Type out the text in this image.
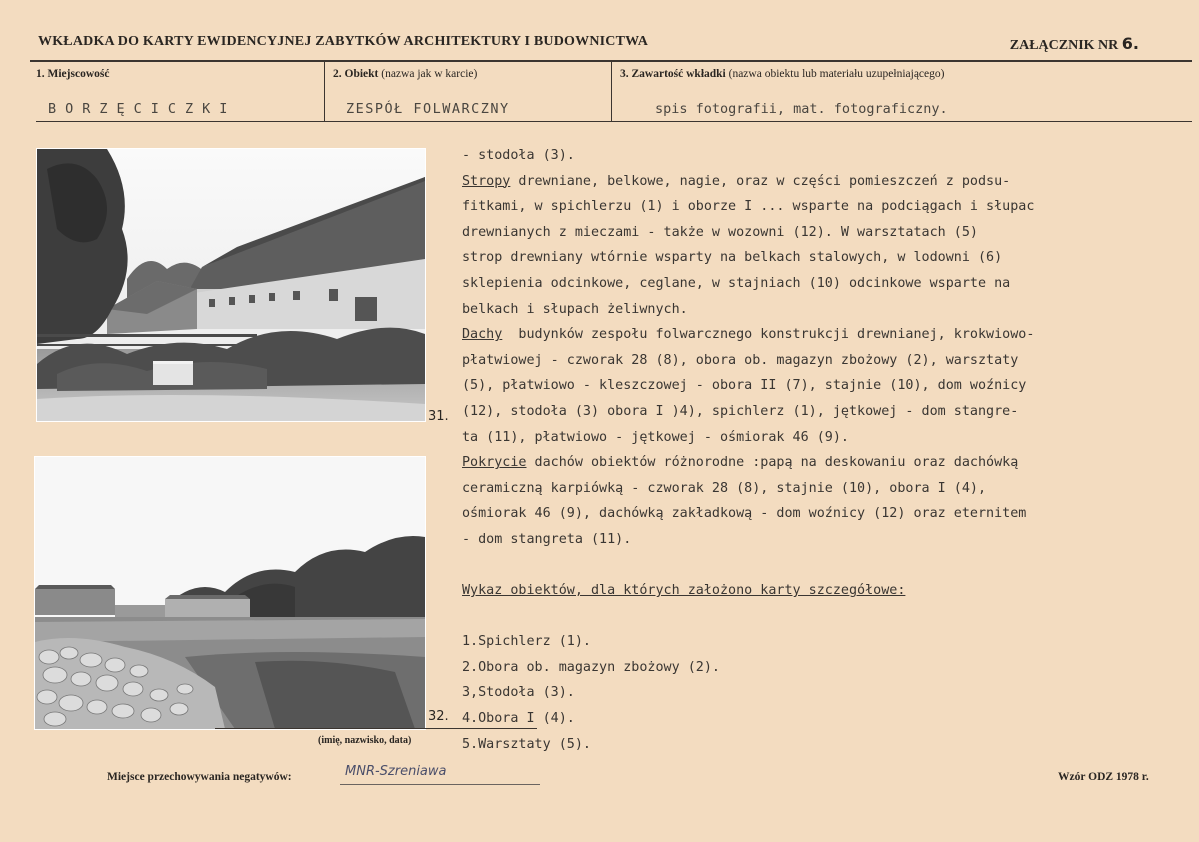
WKŁADKA DO KARTY EWIDENCYJNEJ ZABYTKÓW ARCHITEKTURY I BUDOWNICTWA	ZAŁĄCZNIK NR 6.
1. Miejscowość	2. Obiekt (nazwa jak w karcie)	3. Zawartość wkładki (nazwa obiektu lub materiału uzupełniającego)
BORZĘCICZKI	ZESPÓŁ FOLWARCZNY	spis fotografii, mat. fotograficzny.
31.
32.
- stodoła (3).
Stropy drewniane, belkowe, nagie, oraz w części pomieszczeń z podsu-
fitkami, w spichlerzu (1) i oborze I ... wsparte na podciągach i słupac
drewnianych z mieczami - także w wozowni (12). W warsztatach (5)
strop drewniany wtórnie wsparty na belkach stalowych, w lodowni (6)
sklepienia odcinkowe, ceglane, w stajniach (10) odcinkowe wsparte na
belkach i słupach żeliwnych.
Dachy  budynków zespołu folwarcznego konstrukcji drewnianej, krokwiowo-
płatwiowej - czworak 28 (8), obora ob. magazyn zbożowy (2), warsztaty
(5), płatwiowo - kleszczowej - obora II (7), stajnie (10), dom woźnicy
(12), stodoła (3) obora I )4), spichlerz (1), jętkowej - dom stangre-
ta (11), płatwiowo - jętkowej - ośmiorak 46 (9).
Pokrycie dachów obiektów różnorodne :papą na deskowaniu oraz dachówką
ceramiczną karpiówką - czworak 28 (8), stajnie (10), obora I (4),
ośmiorak 46 (9), dachówką zakładkową - dom woźnicy (12) oraz eternitem
- dom stangreta (11).

Wykaz obiektów, dla których założono karty szczegółowe:

1.Spichlerz (1).
2.Obora ob. magazyn zbożowy (2).
3,Stodoła (3).
4.Obora I (4).
5.Warsztaty (5).
(imię, nazwisko, data)
Miejsce przechowywania negatywów:	MNR-Szreniawa	Wzór ODZ 1978 r.
